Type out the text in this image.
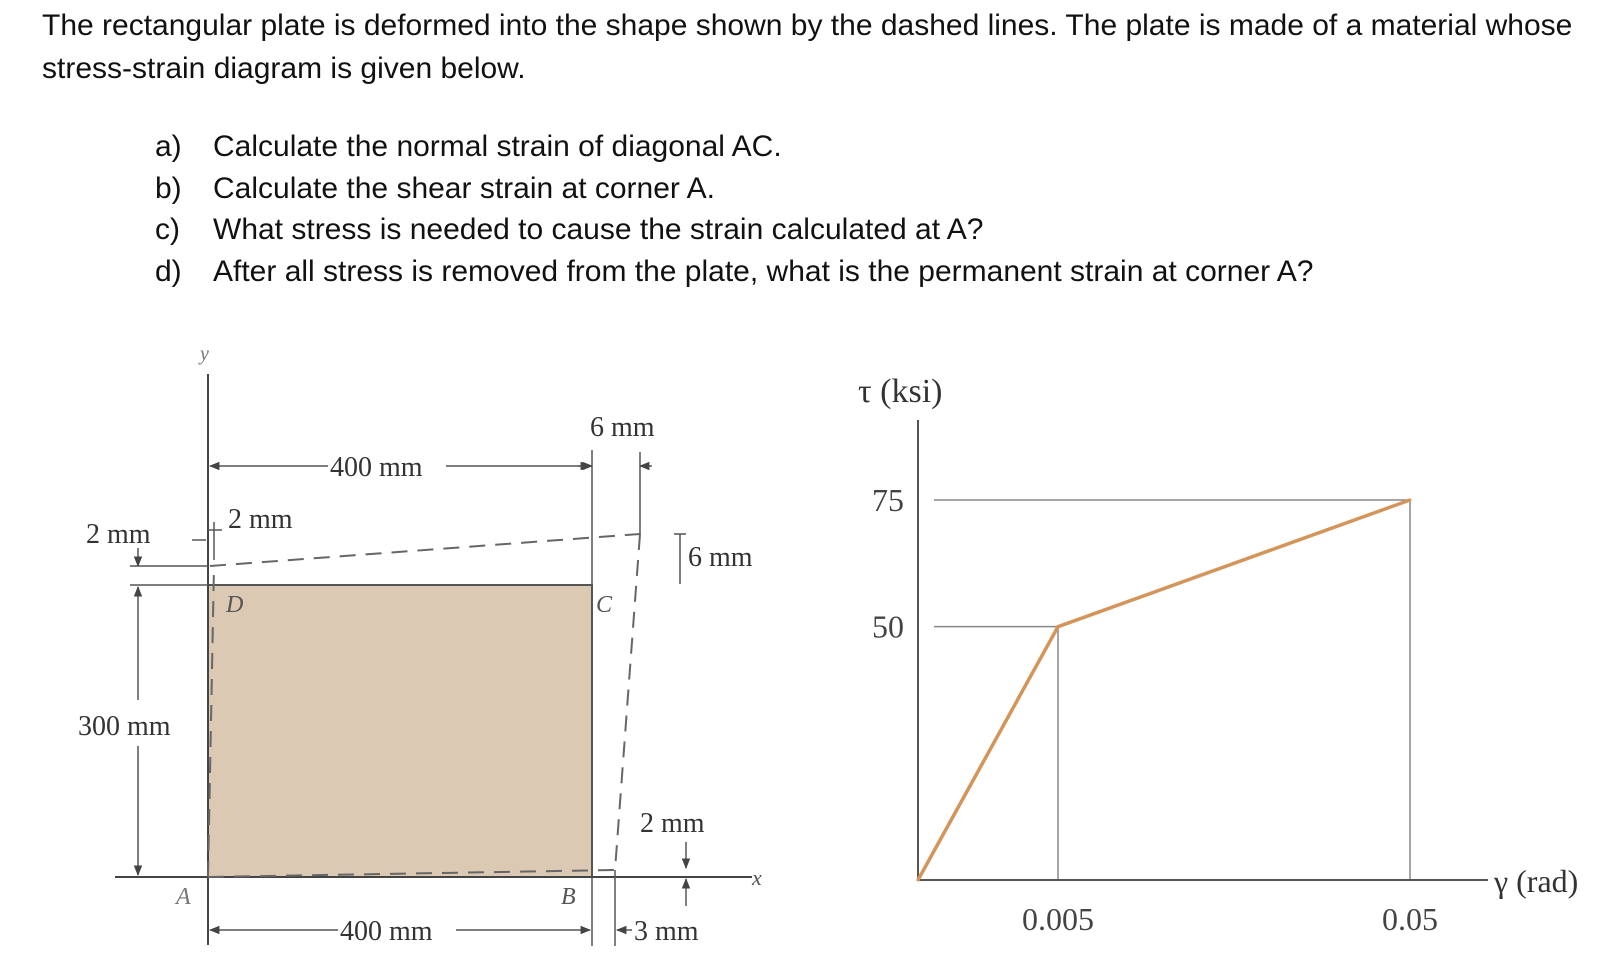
The rectangular plate is deformed into the shape shown by the dashed lines. The plate is made of a material whose stress-strain diagram is given below.

a)	Calculate the normal strain of diagonal AC.
b)	Calculate the shear strain at corner A.
c)	What stress is needed to cause the strain calculated at A?
d)	After all stress is removed from the plate, what is the permanent strain at corner A?
y
x
A	B
C
D
400 mm
6 mm
6 mm
2 mm	2 mm
300 mm
400 mm	3 mm
2 mm
75
50
0.005	0.05
τ (ksi)
γ (rad)
